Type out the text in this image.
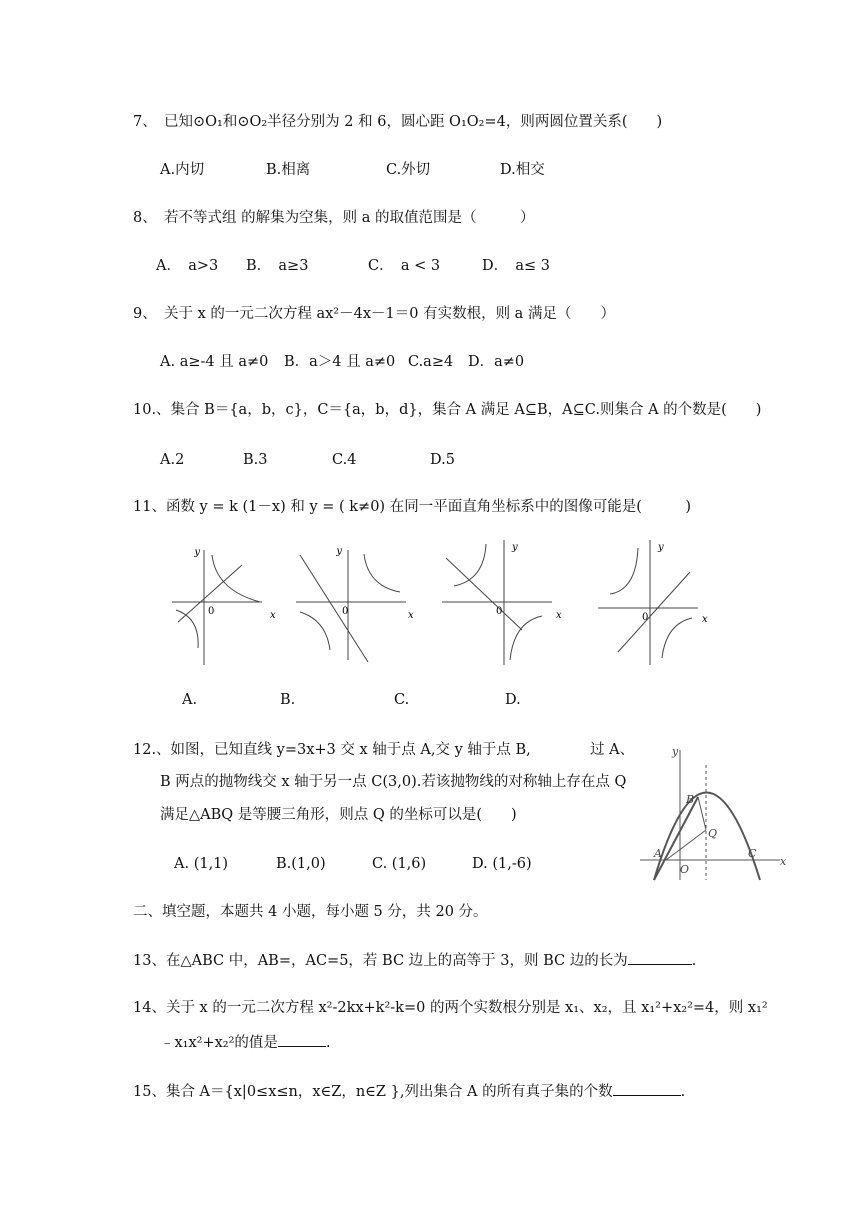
7、　已知⊙O₁和⊙O₂半径分别为 2 和 6，圆心距 O₁O₂=4，则两圆位置关系(　　)
A.内切	B.相离	C.外切	D.相交
8、　若不等式组 的解集为空集，则 a 的取值范围是（　　　）
A．　a>3 B．　a≥3	C．　a < 3	D．　a≤ 3
9、　关于 x 的一元二次方程 ax²－4x－1＝0 有实数根，则 a 满足（　　）
A. a≥-4 且 a≠0 B．a＞4 且 a≠0 C.a≥4 D．a≠0
10.、集合 B＝{a，b，c}，C＝{a，b，d}，集合 A 满足 A⊆B，A⊆C.则集合 A 的个数是(　　)
A.2	B.3	C.4	D.5
11、函数 y = k (1－x) 和 y = ( k≠0) 在同一平面直角坐标系中的图像可能是(　　　)
y
x
0
y
x
0
y
x
0
y
x
0
A.	B.	C.	D.
12.、如图，已知直线 y=3x+3 交 x 轴于点 A,交 y 轴于点 B,	过 A、
B 两点的抛物线交 x 轴于另一点 C(3,0).若该抛物线的对称轴上存在点 Q
满足△ABQ 是等腰三角形，则点 Q 的坐标可以是(　　)
A. (1,1)	B.(1,0)	C. (1,6)	D. (1,-6)
y
x
B
Q
A
O
C
二、填空题，本题共 4 小题，每小题 5 分，共 20 分。
13、在△ABC 中，AB=，AC=5，若 BC 边上的高等于 3，则 BC 边的长为	.
14、关于 x 的一元二次方程 x²-2kx+k²-k=0 的两个实数根分别是 x₁、x₂，且 x₁²+x₂²=4，则 x₁²
﹣x₁x²+x₂²的值是	.
15、集合 A＝{x|0≤x≤n，x∈Z，n∈Z },列出集合 A 的所有真子集的个数	.
